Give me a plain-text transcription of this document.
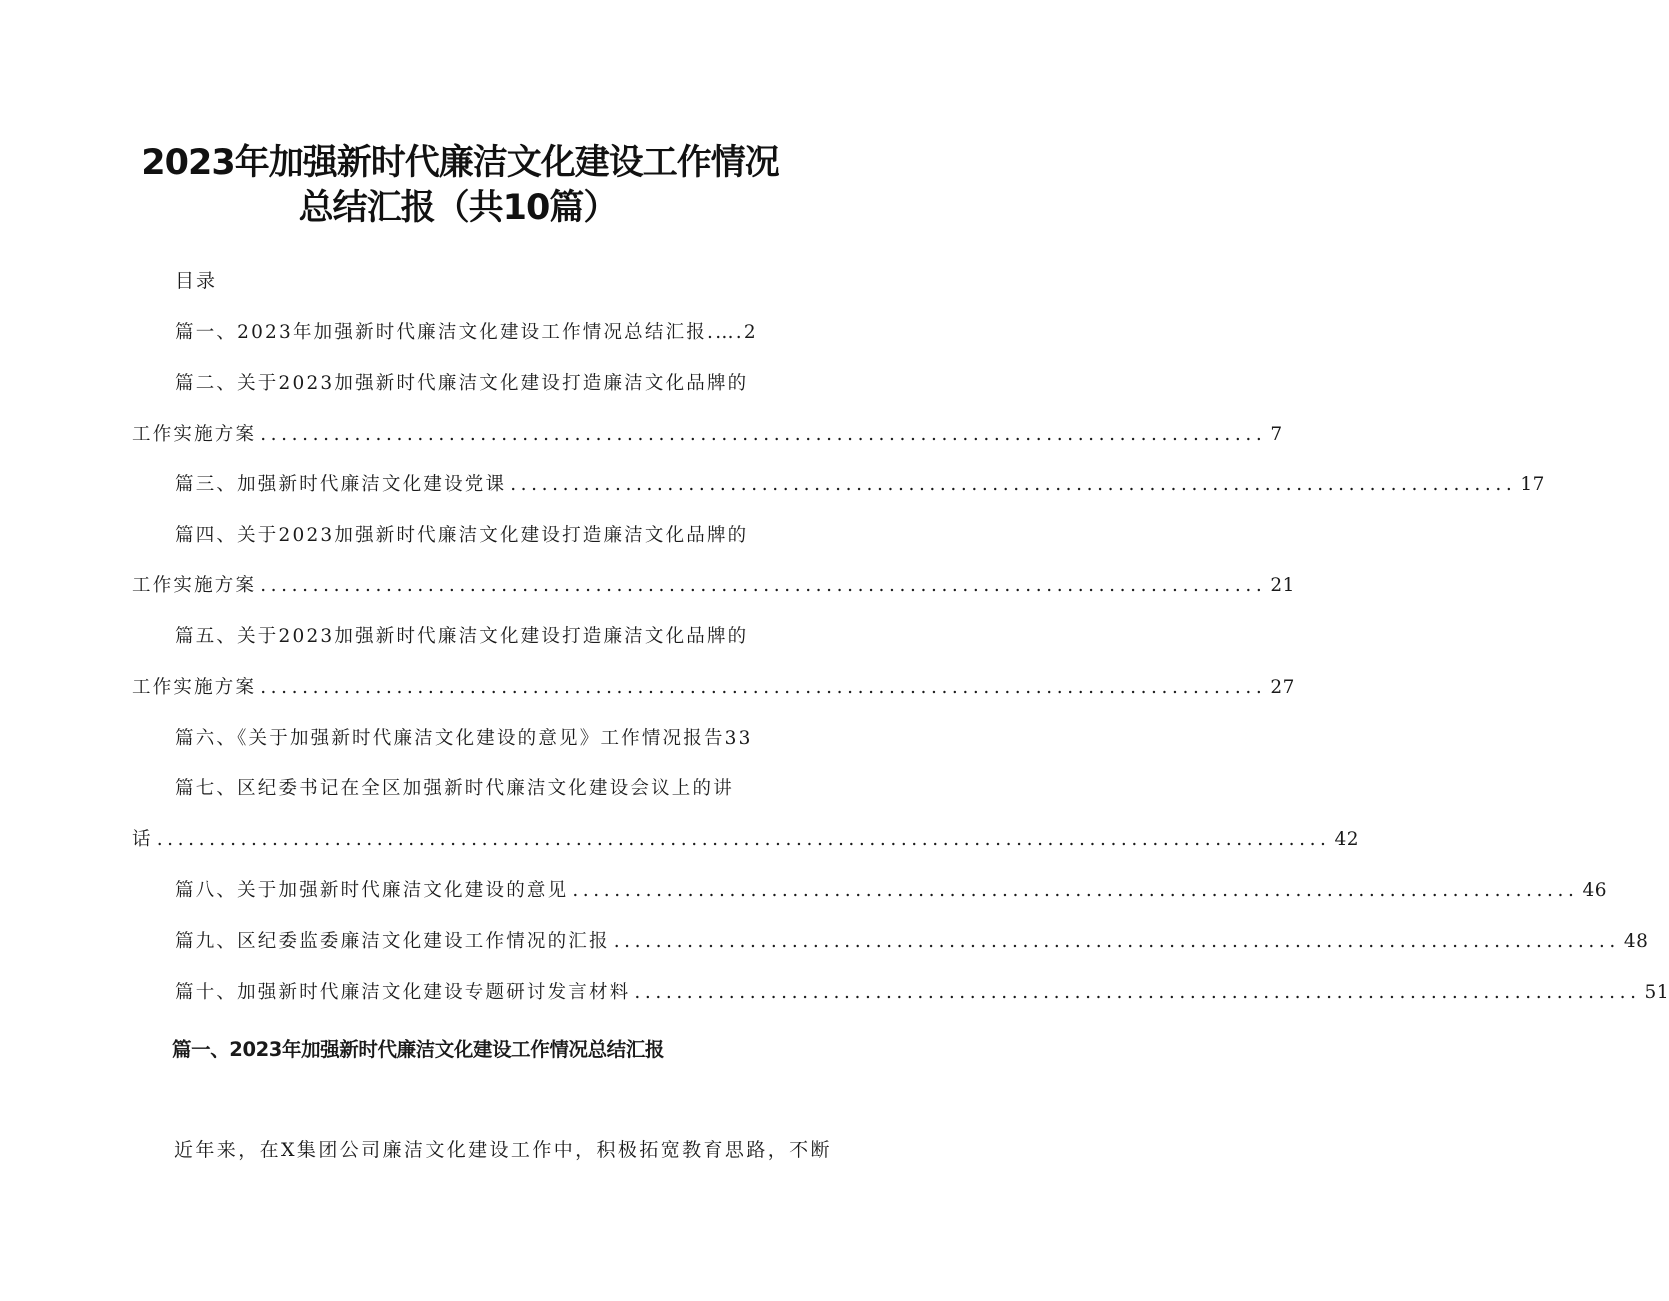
2023年加强新时代廉洁文化建设工作情况
总结汇报（共10篇）
目录
篇一、2023年加强新时代廉洁文化建设工作情况总结汇报.….2
篇二、关于2023加强新时代廉洁文化建设打造廉洁文化品牌的
工作实施方案 ................................................................................................ 7
篇三、加强新时代廉洁文化建设党课 ................................................................................................ 17
篇四、关于2023加强新时代廉洁文化建设打造廉洁文化品牌的
工作实施方案 ................................................................................................ 21
篇五、关于2023加强新时代廉洁文化建设打造廉洁文化品牌的
工作实施方案 ................................................................................................ 27
篇六、《关于加强新时代廉洁文化建设的意见》工作情况报告33
篇七、区纪委书记在全区加强新时代廉洁文化建设会议上的讲
话 ................................................................................................................ 42
篇八、关于加强新时代廉洁文化建设的意见 ................................................................................................ 46
篇九、区纪委监委廉洁文化建设工作情况的汇报 ................................................................................................ 48
篇十、加强新时代廉洁文化建设专题研讨发言材料 ................................................................................................ 51
篇一、2023年加强新时代廉洁文化建设工作情况总结汇报
近年来，在X集团公司廉洁文化建设工作中，积极拓宽教育思路，不断
